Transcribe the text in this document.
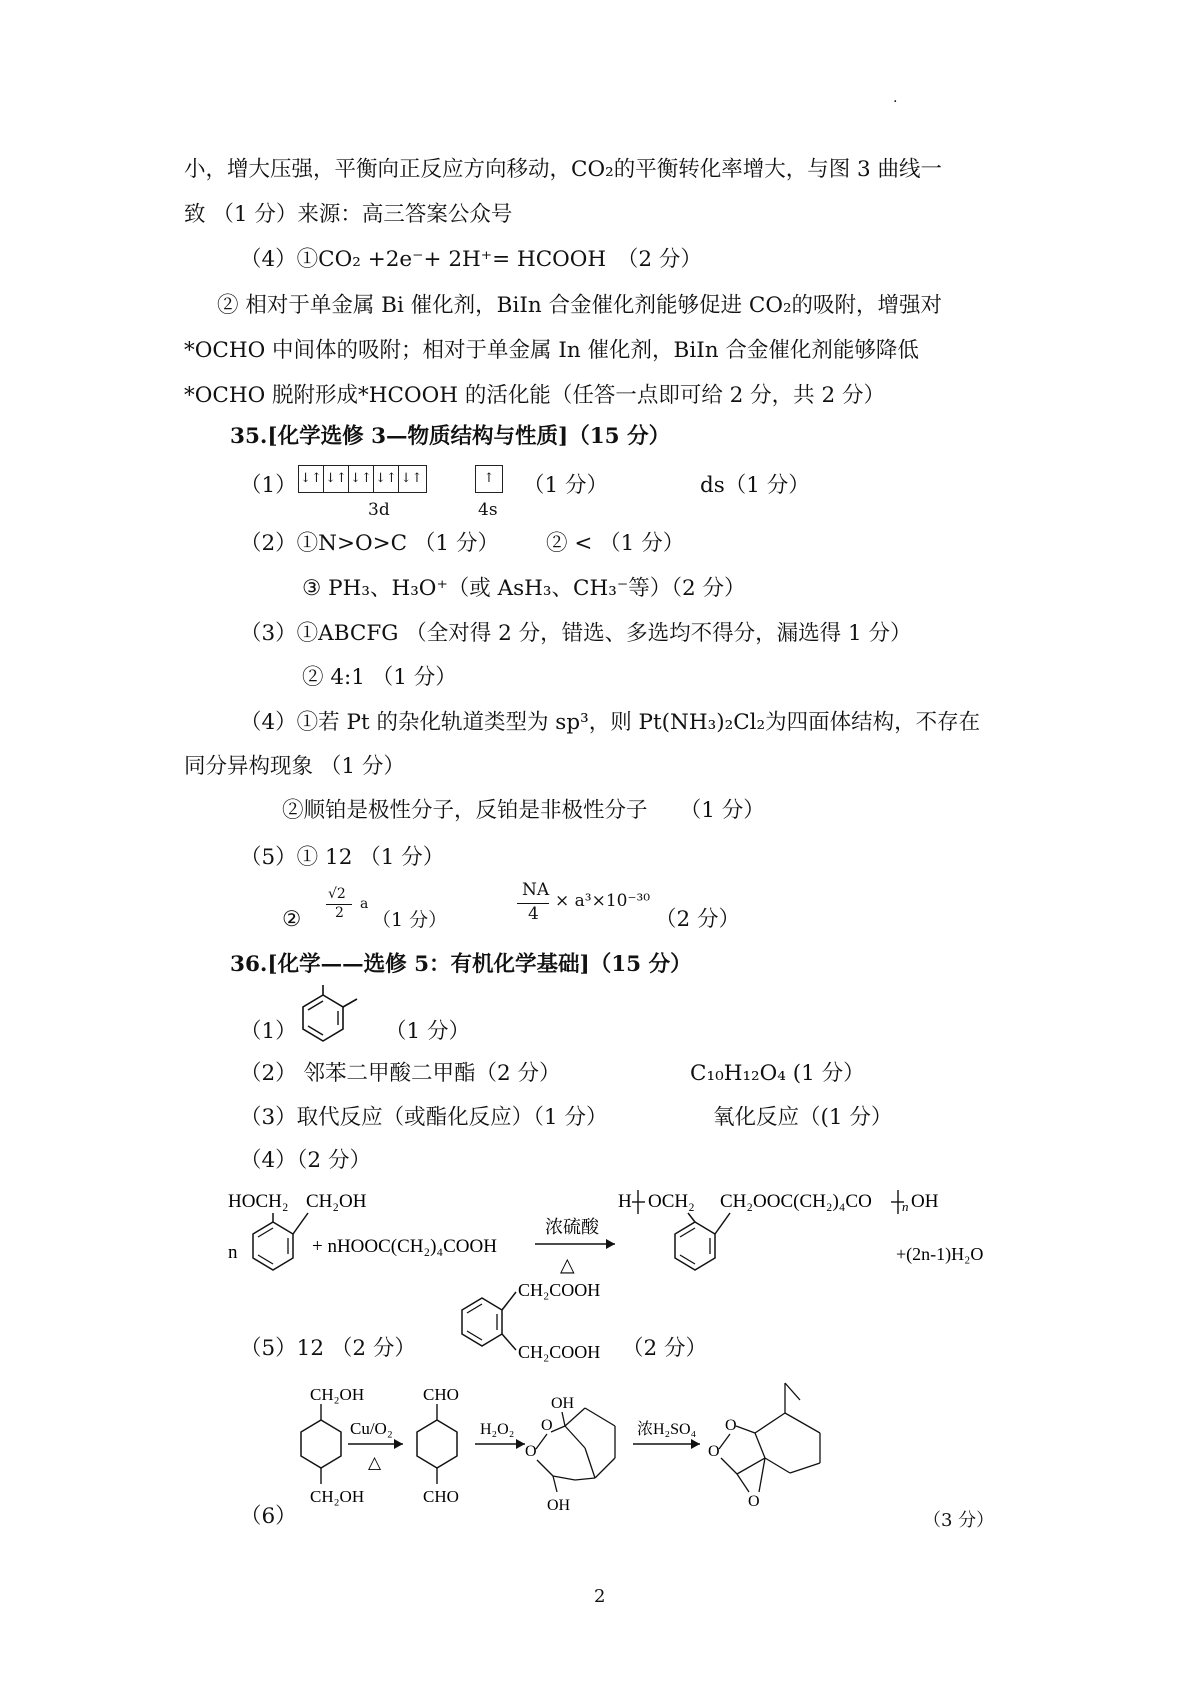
.
小，增大压强，平衡向正反应方向移动，CO₂的平衡转化率增大，与图 3 曲线一
致 （1 分）来源：高三答案公众号
（4）①CO₂ +2e⁻+ 2H⁺= HCOOH　（2 分）
② 相对于单金属 Bi 催化剂，BiIn 合金催化剂能够促进 CO₂的吸附，增强对
*OCHO 中间体的吸附；相对于单金属 In 催化剂，BiIn 合金催化剂能够降低
*OCHO 脱附形成*HCOOH 的活化能（任答一点即可给 2 分，共 2 分）
35.[化学选修 3—物质结构与性质]（15 分）
（1） ↓↑ ↓↑ ↓↑ ↓↑ ↓↑	↑
3d	4s
（1 分）	ds（1 分）
（2）①N>O>C （1 分） ② < （1 分）
③ PH₃、H₃O⁺（或 AsH₃、CH₃⁻等）（2 分）
（3）①ABCFG （全对得 2 分，错选、多选均不得分，漏选得 1 分）
② 4:1 （1 分）
（4）①若 Pt 的杂化轨道类型为 sp³，则 Pt(NH₃)₂Cl₂为四面体结构，不存在
同分异构现象 （1 分）
②顺铂是极性分子，反铂是非极性分子　　（1 分）
（5）① 12 （1 分）
②
√2
2
a
（1 分）
NA
4
× a³×10⁻³⁰
（2 分）
36.[化学——选修 5：有机化学基础]（15 分）
（1）	（1 分）
（2） 邻苯二甲酸二甲酯（2 分）	C₁₀H₁₂O₄ (1 分）
（3）取代反应（或酯化反应）（1 分）	氧化反应（(1 分）
（4）（2 分）
HOCH₂ CH₂OH
n	+ nHOOC(CH₂)₄COOH
浓硫酸
△
H OCH₂ CH₂OOC(CH₂)₄CO n OH
+(2n-1)H₂O
（5）12 （2 分）
CH₂COOH
CH₂COOH （2 分）
（6）
CH₂OH
CH₂OH
Cu/O₂
△
CHO
CHO
H₂O₂
OH
O
O
OH
浓H₂SO₄
O
O
O
（3 分）
2
